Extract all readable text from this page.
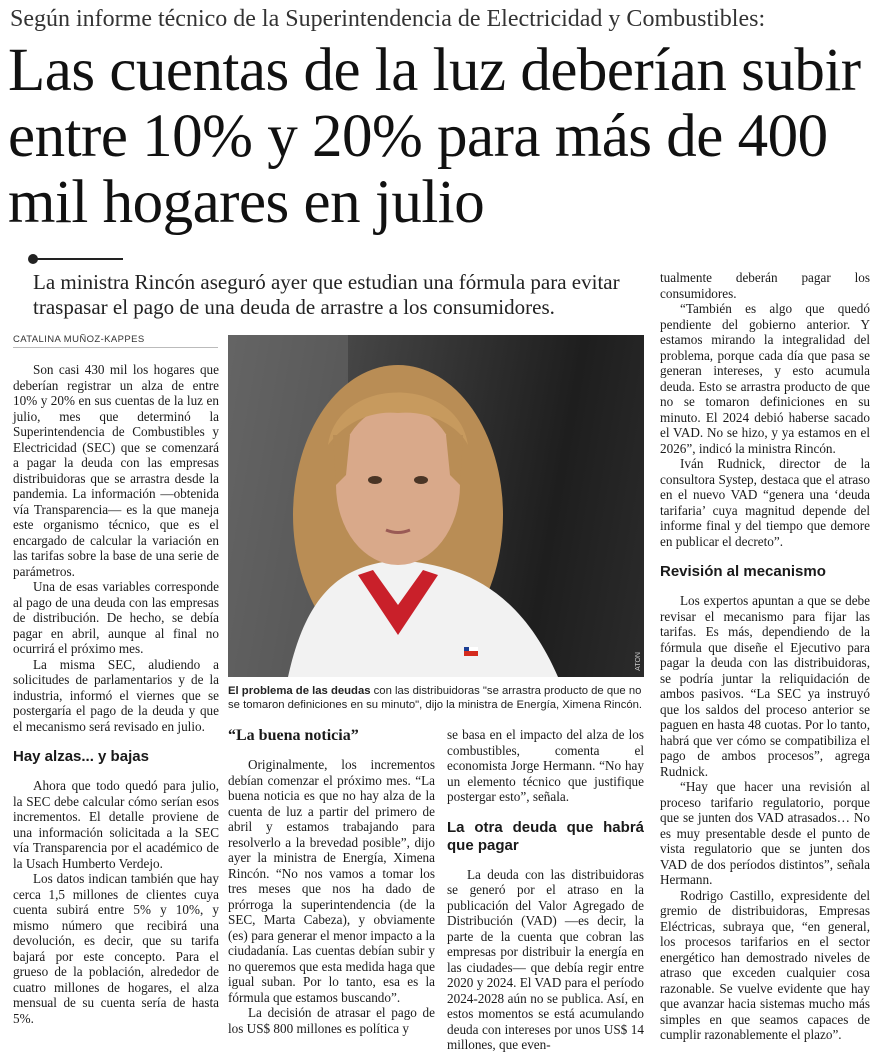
Según informe técnico de la Superintendencia de Electricidad y Combustibles:
Las cuentas de la luz deberían subir entre 10% y 20% para más de 400 mil hogares en julio
La ministra Rincón aseguró ayer que estudian una fórmula para evitar traspasar el pago de una deuda de arrastre a los consumidores.
CATALINA MUÑOZ-KAPPES

Son casi 430 mil los hogares que deberían registrar un alza de entre 10% y 20% en sus cuentas de la luz en julio, mes que determinó la Superintendencia de Combustibles y Electricidad (SEC) que se comenzará a pagar la deuda con las empresas distribuidoras que se arrastra desde la pandemia. La información —obtenida vía Transparencia— es la que maneja este organismo técnico, que es el encargado de calcular la variación en las tarifas sobre la base de una serie de parámetros.

Una de esas variables corresponde al pago de una deuda con las empresas de distribución. De hecho, se debía pagar en abril, aunque al final no ocurrirá el próximo mes.

La misma SEC, aludiendo a solicitudes de parlamentarios y de la industria, informó el viernes que se postergaría el pago de la deuda y que el mecanismo será revisado en julio.

Hay alzas... y bajas

Ahora que todo quedó para julio, la SEC debe calcular cómo serían esos incrementos. El detalle proviene de una información solicitada a la SEC vía Transparencia por el académico de la Usach Humberto Verdejo.

Los datos indican también que hay cerca 1,5 millones de clientes cuya cuenta subirá entre 5% y 10%, y mismo número que recibirá una devolución, es decir, que su tarifa bajará por este concepto. Para el grueso de la población, alrededor de cuatro millones de hogares, el alza mensual de su cuenta sería de hasta 5%.

ATON
El problema de las deudas con las distribuidoras "se arrastra producto de que no se tomaron definiciones en su minuto", dijo la ministra de Energía, Ximena Rincón.
“La buena noticia”

Originalmente, los incrementos debían comenzar el próximo mes. “La buena noticia es que no hay alza de la cuenta de luz a partir del primero de abril y estamos trabajando para resolverlo a la brevedad posible”, dijo ayer la ministra de Energía, Ximena Rincón. “No nos vamos a tomar los tres meses que nos ha dado de prórroga la superintendencia (de la SEC, Marta Cabeza), y obviamente (es) para generar el menor impacto a la ciudadanía. Las cuentas debían subir y no queremos que esta medida haga que igual suban. Por lo tanto, esa es la fórmula que estamos buscando”.

La decisión de atrasar el pago de los US$ 800 millones es política y

se basa en el impacto del alza de los combustibles, comenta el economista Jorge Hermann. “No hay un elemento técnico que justifique postergar esto”, señala.

La otra deuda que habrá que pagar

La deuda con las distribuidoras se generó por el atraso en la publicación del Valor Agregado de Distribución (VAD) —es decir, la parte de la cuenta que cobran las empresas por distribuir la energía en las ciudades— que debía regir entre 2020 y 2024. El VAD para el período 2024-2028 aún no se publica. Así, en estos momentos se está acumulando deuda con intereses por unos US$ 14 millones, que even-

tualmente deberán pagar los consumidores.

“También es algo que quedó pendiente del gobierno anterior. Y estamos mirando la integralidad del problema, porque cada día que pasa se generan intereses, y esto acumula deuda. Esto se arrastra producto de que no se tomaron definiciones en su minuto. El 2024 debió haberse sacado el VAD. No se hizo, y ya estamos en el 2026”, indicó la ministra Rincón.

Iván Rudnick, director de la consultora Systep, destaca que el atraso en el nuevo VAD “genera una ‘deuda tarifaria’ cuya magnitud depende del informe final y del tiempo que demore en publicar el decreto”.

Revisión al mecanismo

Los expertos apuntan a que se debe revisar el mecanismo para fijar las tarifas. Es más, dependiendo de la fórmula que diseñe el Ejecutivo para pagar la deuda con las distribuidoras, se podría juntar la reliquidación de ambos pasivos. “La SEC ya instruyó que los saldos del proceso anterior se paguen en hasta 48 cuotas. Por lo tanto, habrá que ver cómo se compatibiliza el pago de ambos procesos”, agrega Rudnick.

“Hay que hacer una revisión al proceso tarifario regulatorio, porque que se junten dos VAD atrasados… No es muy presentable desde el punto de vista regulatorio que se junten dos VAD de dos períodos distintos”, señala Hermann.

Rodrigo Castillo, expresidente del gremio de distribuidoras, Empresas Eléctricas, subraya que, “en general, los procesos tarifarios en el sector energético han demostrado niveles de atraso que exceden cualquier cosa razonable. Se vuelve evidente que hay que avanzar hacia sistemas mucho más simples en que seamos capaces de cumplir razonablemente el plazo”.
